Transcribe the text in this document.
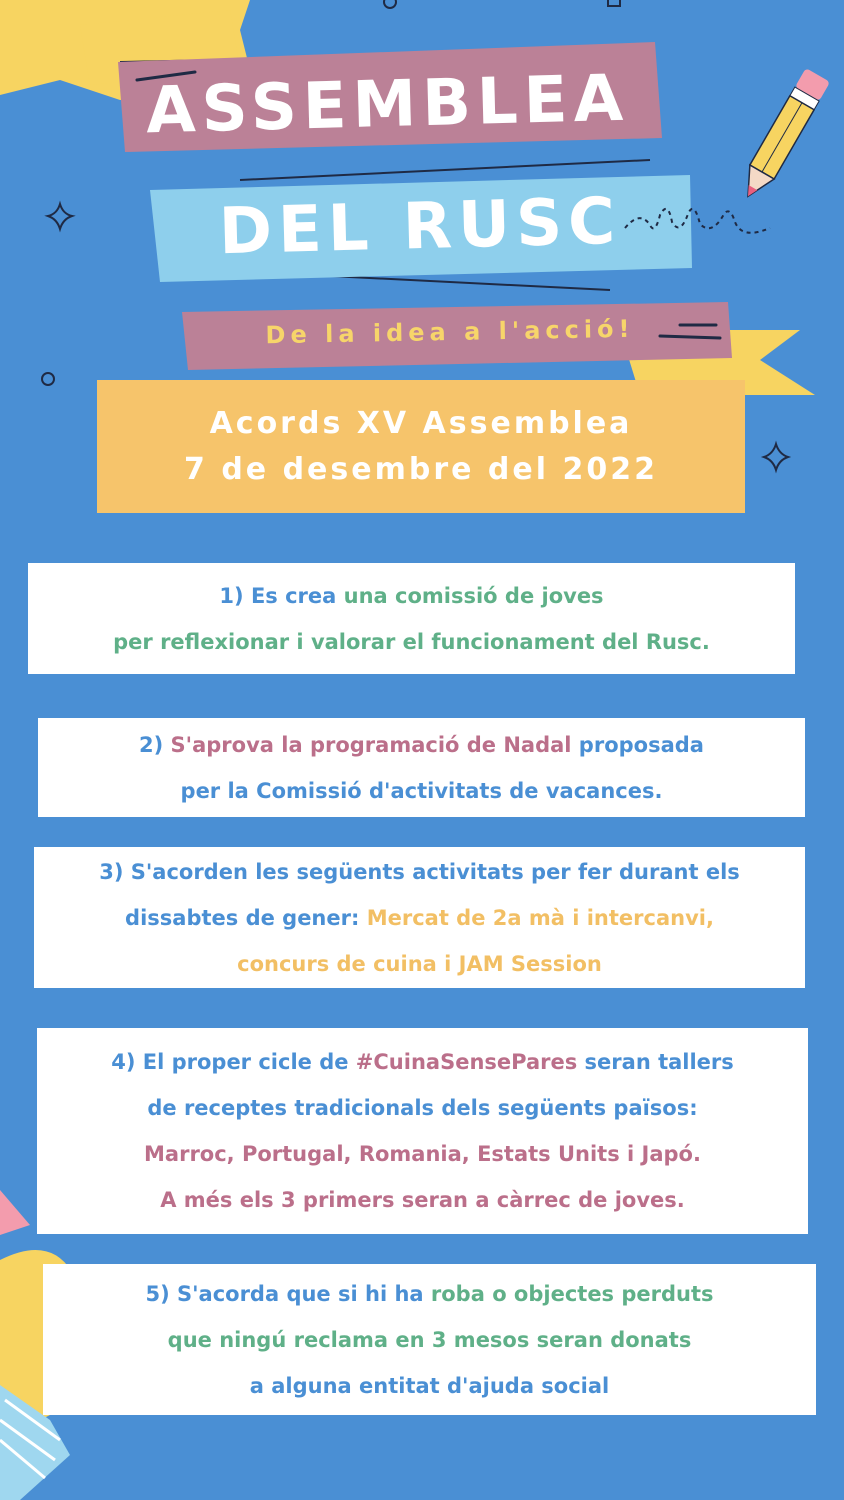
ASSEMBLEA
DEL RUSC
De la idea a l'acció!
Acords XV Assemblea
7 de desembre del 2022
1) Es crea una comissió de joves
per reflexionar i valorar el funcionament del Rusc.
2) S'aprova la programació de Nadal proposada
per la Comissió d'activitats de vacances.
3) S'acorden les següents activitats per fer durant els
dissabtes de gener: Mercat de 2a mà i intercanvi,
concurs de cuina i JAM Session
4) El proper cicle de #CuinaSensePares seran tallers
de receptes tradicionals dels següents països:
Marroc, Portugal, Romania, Estats Units i Japó.
A més els 3 primers seran a càrrec de joves.
5) S'acorda que si hi ha roba o objectes perduts
que ningú reclama en 3 mesos seran donats
a alguna entitat d'ajuda social
